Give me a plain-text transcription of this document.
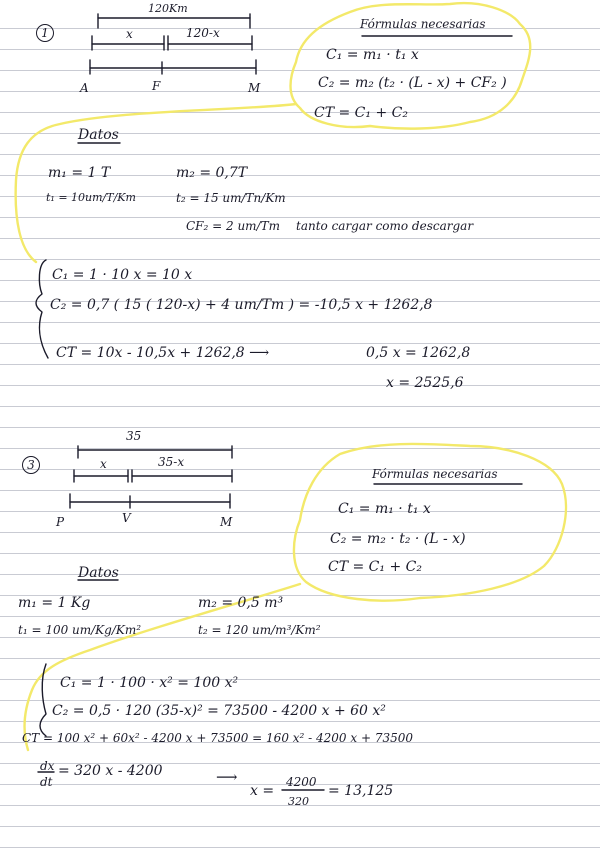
1
120Km
x	120-x
A	F	M
Fórmulas necesarias
C₁ = m₁ · t₁ x
C₂ = m₂ (t₂ · (L - x) + CF₂ )
CT = C₁ + C₂
Datos
m₁ = 1 T	m₂ = 0,7T
t₁ = 10um/T/Km	t₂ = 15 um/Tn/Km
CF₂ = 2 um/Tm tanto cargar como descargar
C₁ = 1 · 10 x = 10 x
C₂ = 0,7 ( 15 ( 120-x) + 4 um/Tm ) = -10,5 x + 1262,8
CT = 10x - 10,5x + 1262,8 ⟶	0,5 x = 1262,8
x = 2525,6
3
35
x	35-x
P	V	M
Fórmulas necesarias
C₁ = m₁ · t₁ x
C₂ = m₂ · t₂ · (L - x)
CT = C₁ + C₂
Datos
m₁ = 1 Kg	m₂ = 0,5 m³
t₁ = 100 um/Kg/Km²	t₂ = 120 um/m³/Km²
C₁ = 1 · 100 · x² = 100 x²
C₂ = 0,5 · 120 (35-x)² = 73500 - 4200 x + 60 x²
CT = 100 x² + 60x² - 4200 x + 73500 = 160 x² - 4200 x + 73500
dx
dt
= 320 x - 4200	⟶
x =
4200
320
= 13,125
